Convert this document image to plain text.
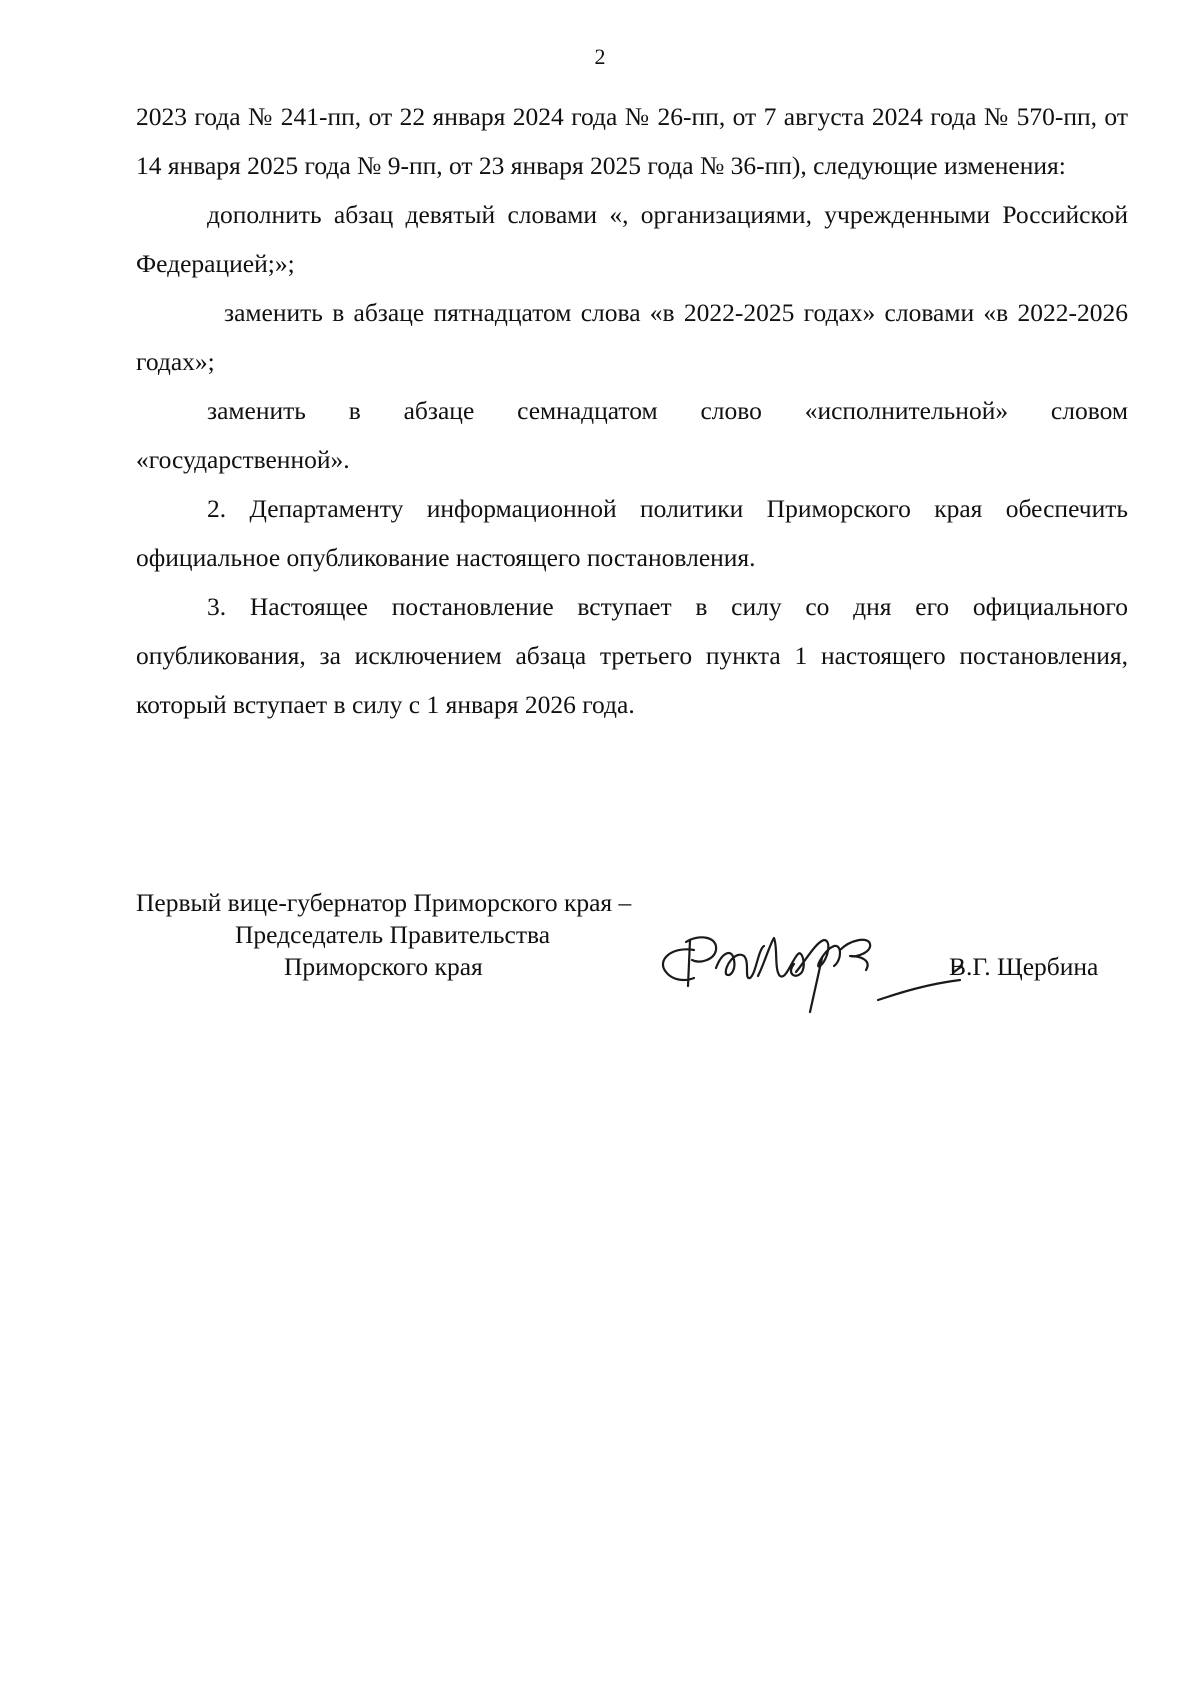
2

2023 года № 241-пп, от 22 января 2024 года № 26-пп, от 7 августа 2024 года № 570-пп, от 14 января 2025 года № 9-пп, от 23 января 2025 года № 36-пп), следующие изменения:

дополнить абзац девятый словами «, организациями, учрежденными Российской Федерацией;»;

заменить в абзаце пятнадцатом слова «в 2022-2025 годах» словами «в 2022-2026 годах»;

заменить в абзаце семнадцатом слово «исполнительной» словом «государственной».

2. Департаменту информационной политики Приморского края обеспечить официальное опубликование настоящего постановления.

3. Настоящее постановление вступает в силу со дня его официального опубликования, за исключением абзаца третьего пункта 1 настоящего постановления, который вступает в силу с 1 января 2026 года.

Первый вице-губернатор Приморского края –
Председатель Правительства
Приморского края	В.Г. Щербина
